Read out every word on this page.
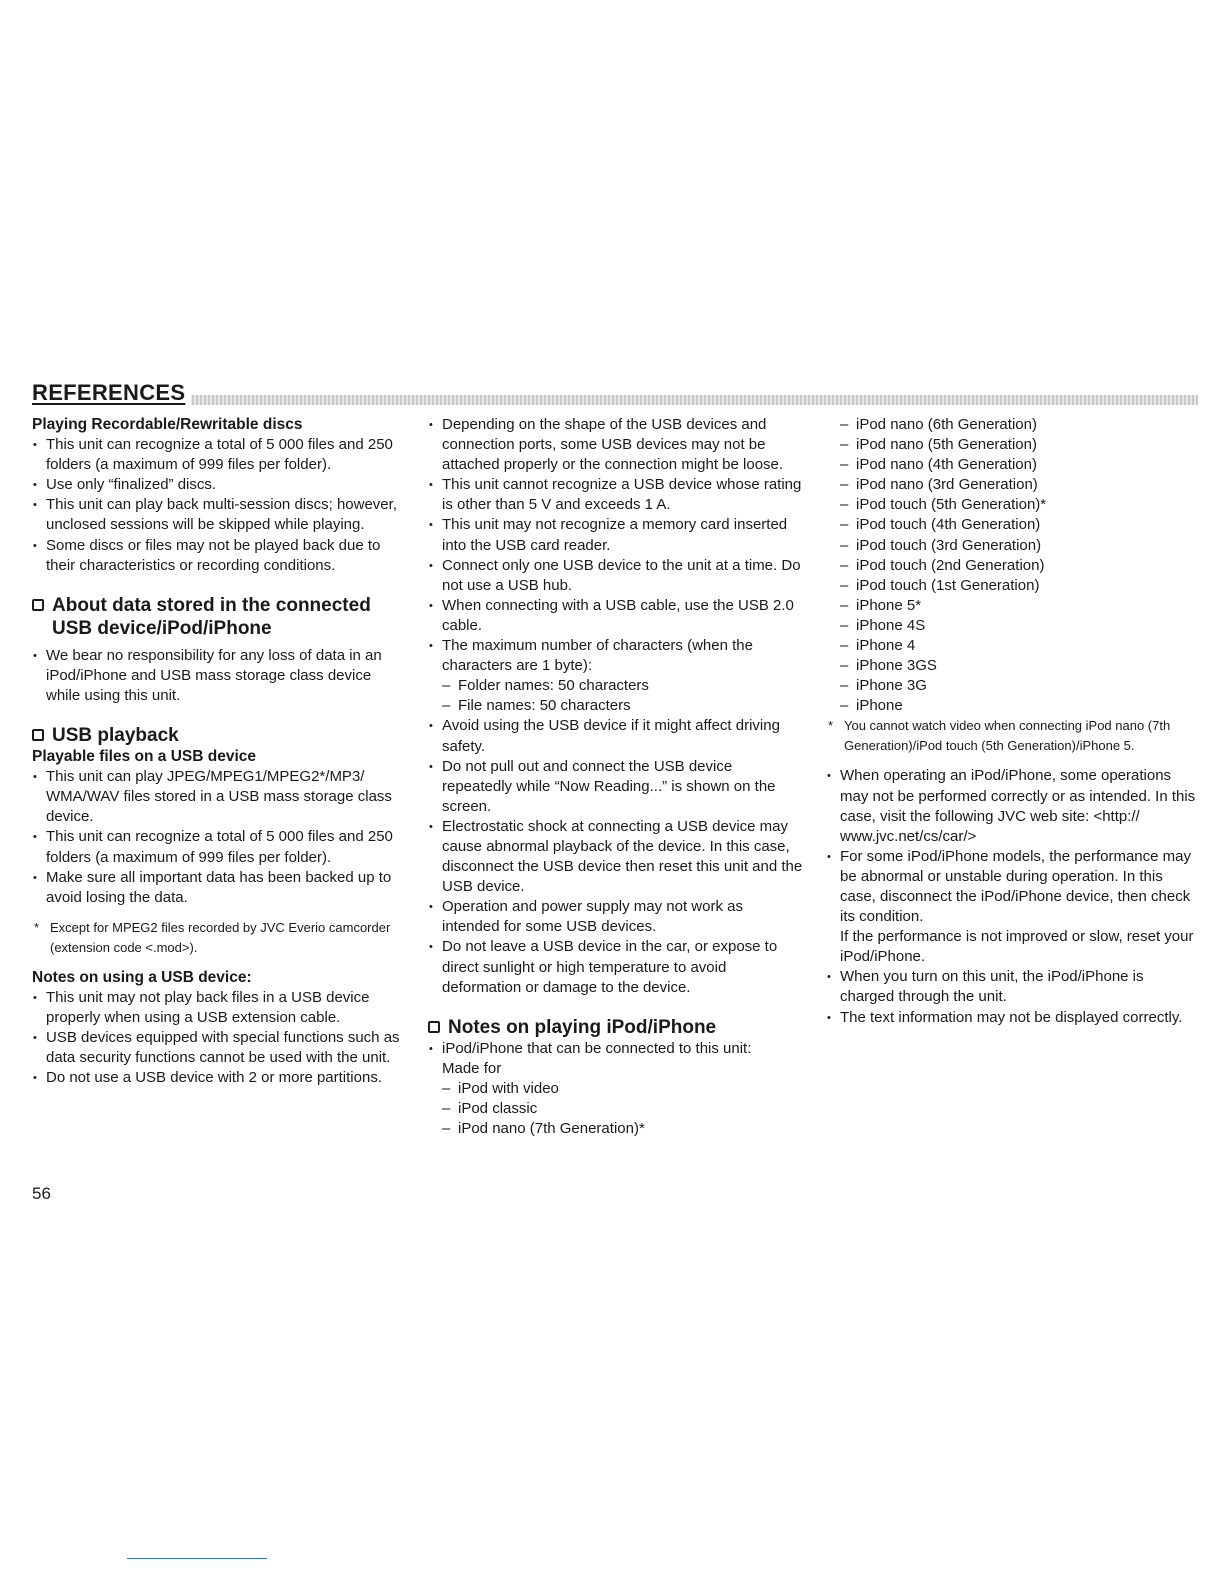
REFERENCES
Playing Recordable/Rewritable discs
• This unit can recognize a total of 5 000 files and 250 folders (a maximum of 999 files per folder).
• Use only “finalized” discs.
• This unit can play back multi-session discs; however, unclosed sessions will be skipped while playing.
• Some discs or files may not be played back due to their characteristics or recording conditions.
About data stored in the connected USB device/iPod/iPhone
• We bear no responsibility for any loss of data in an iPod/iPhone and USB mass storage class device while using this unit.
USB playback
Playable files on a USB device
• This unit can play JPEG/MPEG1/MPEG2*/MP3/ WMA/WAV files stored in a USB mass storage class device.
• This unit can recognize a total of 5 000 files and 250 folders (a maximum of 999 files per folder).
• Make sure all important data has been backed up to avoid losing the data.
* Except for MPEG2 files recorded by JVC Everio camcorder (extension code <.mod>).
Notes on using a USB device:
• This unit may not play back files in a USB device properly when using a USB extension cable.
• USB devices equipped with special functions such as data security functions cannot be used with the unit.
• Do not use a USB device with 2 or more partitions.
• Depending on the shape of the USB devices and connection ports, some USB devices may not be attached properly or the connection might be loose.
• This unit cannot recognize a USB device whose rating is other than 5 V and exceeds 1 A.
• This unit may not recognize a memory card inserted into the USB card reader.
• Connect only one USB device to the unit at a time. Do not use a USB hub.
• When connecting with a USB cable, use the USB 2.0 cable.
• The maximum number of characters (when the characters are 1 byte):
– Folder names: 50 characters
– File names: 50 characters
• Avoid using the USB device if it might affect driving safety.
• Do not pull out and connect the USB device repeatedly while “Now Reading...” is shown on the screen.
• Electrostatic shock at connecting a USB device may cause abnormal playback of the device. In this case, disconnect the USB device then reset this unit and the USB device.
• Operation and power supply may not work as intended for some USB devices.
• Do not leave a USB device in the car, or expose to direct sunlight or high temperature to avoid deformation or damage to the device.
Notes on playing iPod/iPhone
• iPod/iPhone that can be connected to this unit:
Made for
– iPod with video
– iPod classic
– iPod nano (7th Generation)*
– iPod nano (6th Generation)
– iPod nano (5th Generation)
– iPod nano (4th Generation)
– iPod nano (3rd Generation)
– iPod touch (5th Generation)*
– iPod touch (4th Generation)
– iPod touch (3rd Generation)
– iPod touch (2nd Generation)
– iPod touch (1st Generation)
– iPhone 5*
– iPhone 4S
– iPhone 4
– iPhone 3GS
– iPhone 3G
– iPhone
* You cannot watch video when connecting iPod nano (7th Generation)/iPod touch (5th Generation)/iPhone 5.
• When operating an iPod/iPhone, some operations may not be performed correctly or as intended. In this case, visit the following JVC web site: <http:// www.jvc.net/cs/car/>
• For some iPod/iPhone models, the performance may be abnormal or unstable during operation. In this case, disconnect the iPod/iPhone device, then check its condition.
If the performance is not improved or slow, reset your iPod/iPhone.
• When you turn on this unit, the iPod/iPhone is charged through the unit.
• The text information may not be displayed correctly.
56
